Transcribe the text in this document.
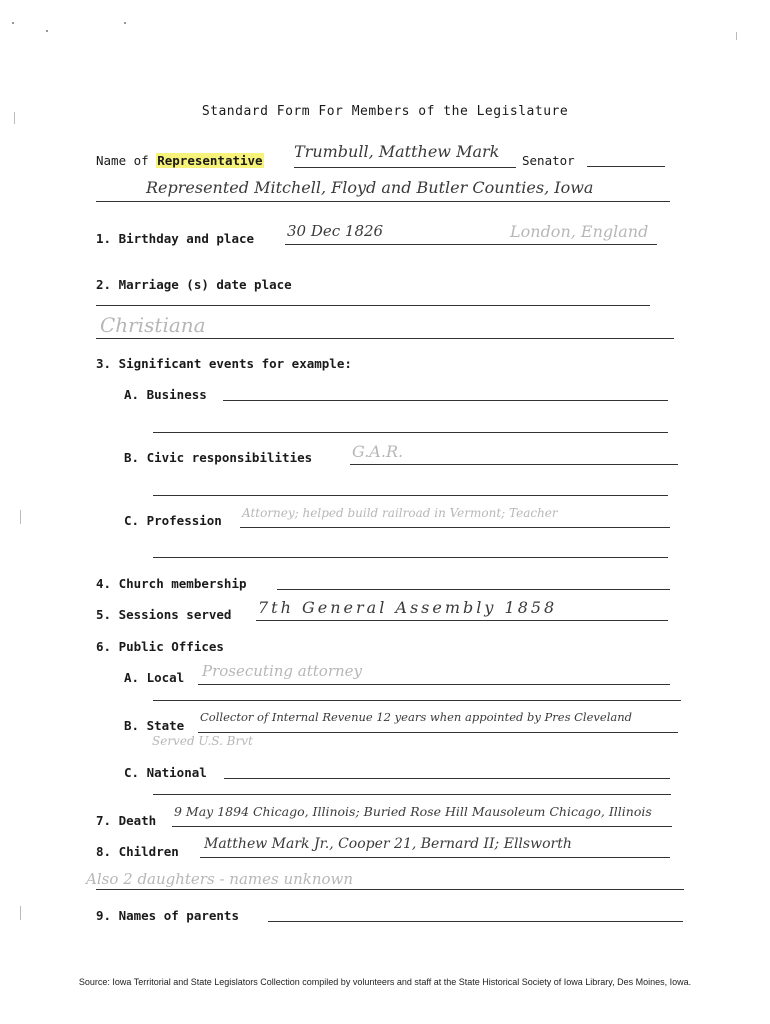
Standard Form For Members of the Legislature
Name of Representative Trumbull, Matthew Mark Senator
Represented Mitchell, Floyd and Butler Counties, Iowa
1. Birthday and place 30 Dec 1826	London, England
2. Marriage (s) date place
Christiana
3. Significant events for example:
A. Business
B. Civic responsibilities G.A.R.
C. Profession Attorney; helped build railroad in Vermont; Teacher
4. Church membership
5. Sessions served 7th General Assembly 1858
6. Public Offices
A. Local Prosecuting attorney
B. State
Collector of Internal Revenue 12 years when appointed by Pres Cleveland
Served U.S. Brvt
C. National
7. Death
9 May 1894 Chicago, Illinois; Buried Rose Hill Mausoleum Chicago, Illinois
8. Children Matthew Mark Jr., Cooper 21, Bernard II; Ellsworth
Also 2 daughters - names unknown
9. Names of parents
Source: Iowa Territorial and State Legislators Collection compiled by volunteers and staff at the State Historical Society of Iowa Library, Des Moines, Iowa.
